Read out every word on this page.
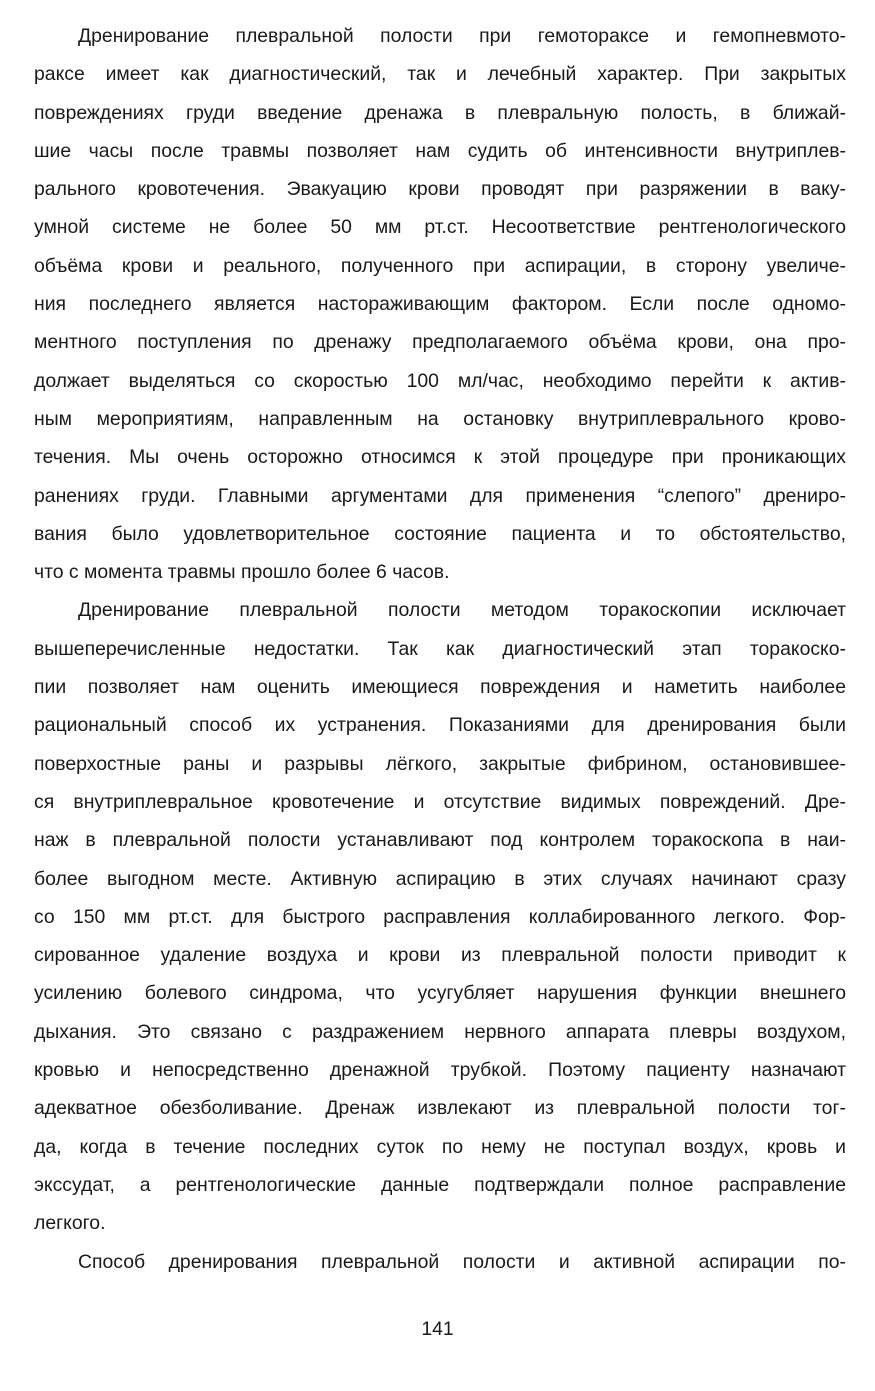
Дренирование плевральной полости при гемотораксе и гемопневмото-
раксе имеет как диагностический, так и лечебный характер. При закрытых
повреждениях груди введение дренажа в плевральную полость, в ближай-
шие часы после травмы позволяет нам судить об интенсивности внутриплев-
рального кровотечения. Эвакуацию крови проводят при разряжении в ваку-
умной системе не более 50 мм рт.ст. Несоответствие рентгенологического
объёма крови и реального, полученного при аспирации, в сторону увеличе-
ния последнего является настораживающим фактором. Если после одномо-
ментного поступления по дренажу предполагаемого объёма крови, она про-
должает выделяться со скоростью 100 мл/час, необходимо перейти к актив-
ным мероприятиям, направленным на остановку внутриплеврального крово-
течения. Мы очень осторожно относимся к этой процедуре при проникающих
ранениях груди. Главными аргументами для применения “слепого” дрениро-
вания было удовлетворительное состояние пациента и то обстоятельство,
что с момента травмы прошло более 6 часов.
Дренирование плевральной полости методом торакоскопии исключает
вышеперечисленные недостатки. Так как диагностический этап торакоско-
пии позволяет нам оценить имеющиеся повреждения и наметить наиболее
рациональный способ их устранения. Показаниями для дренирования были
поверхостные раны и разрывы лёгкого, закрытые фибрином, остановившее-
ся внутриплевральное кровотечение и отсутствие видимых повреждений. Дре-
наж в плевральной полости устанавливают под контролем торакоскопа в наи-
более выгодном месте. Активную аспирацию в этих случаях начинают сразу
со 150 мм рт.ст. для быстрого расправления коллабированного легкого. Фор-
сированное удаление воздуха и крови из плевральной полости приводит к
усилению болевого синдрома, что усугубляет нарушения функции внешнего
дыхания. Это связано с раздражением нервного аппарата плевры воздухом,
кровью и непосредственно дренажной трубкой. Поэтому пациенту назначают
адекватное обезболивание. Дренаж извлекают из плевральной полости тог-
да, когда в течение последних суток по нему не поступал воздух, кровь и
экссудат, а рентгенологические данные подтверждали полное расправление
легкого.
Способ дренирования плевральной полости и активной аспирации по-
141
